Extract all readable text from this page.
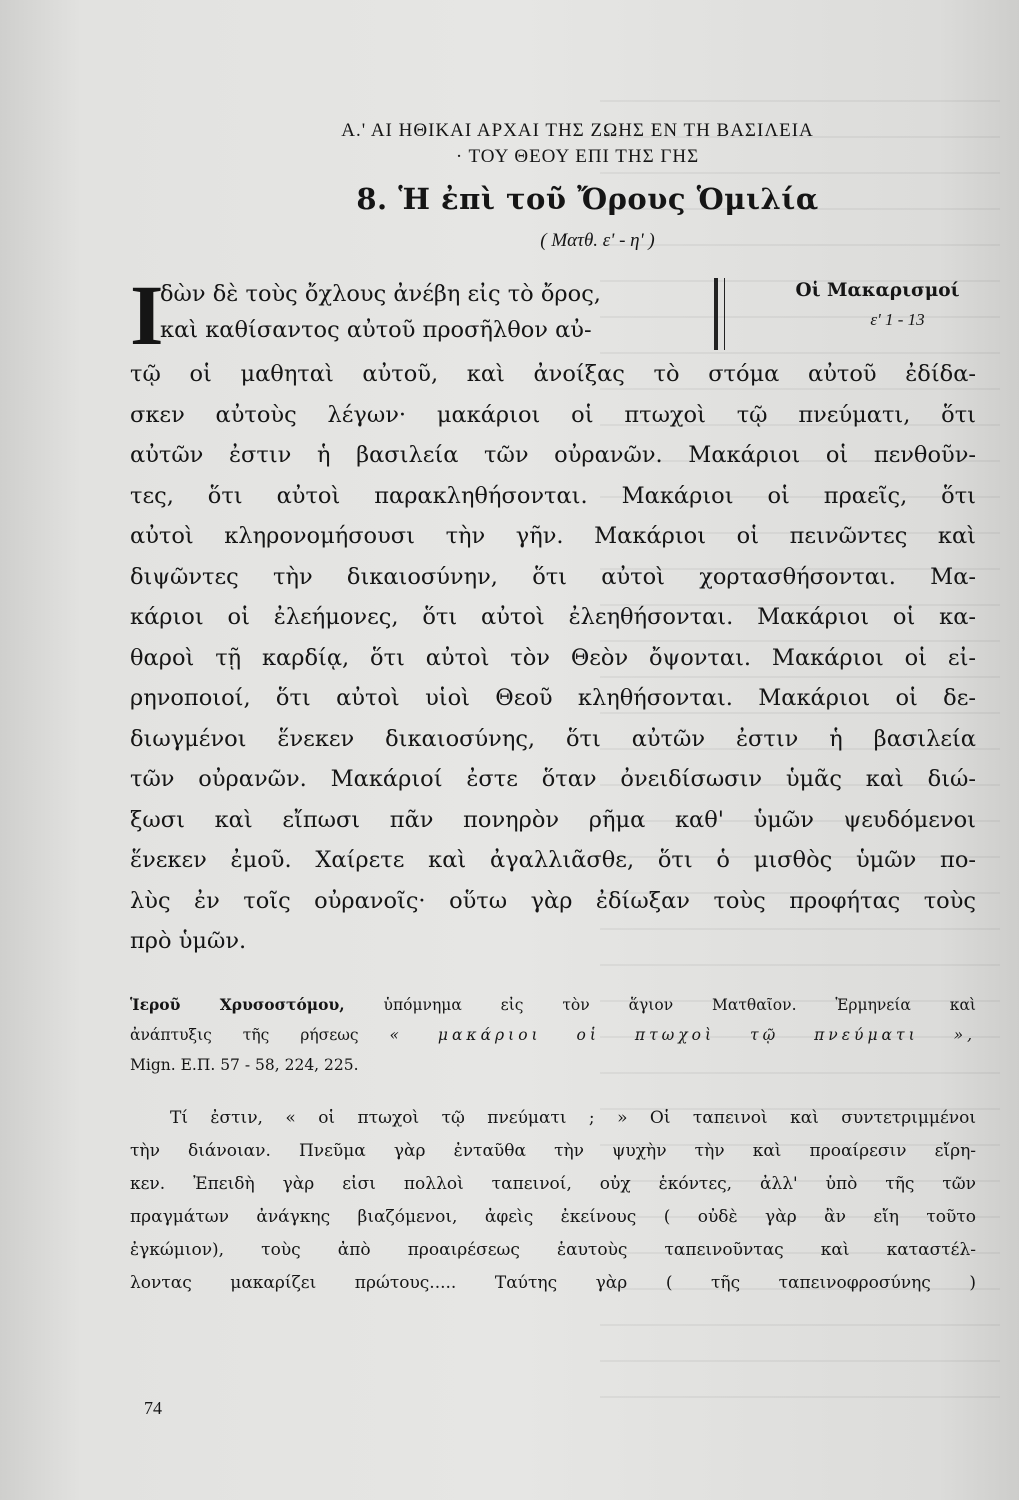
Α.' ΑΙ ΗΘΙΚΑΙ ΑΡΧΑΙ ΤΗΣ ΖΩΗΣ ΕΝ ΤΗ ΒΑΣΙΛΕΙΑ
· ΤΟΥ ΘΕΟΥ ΕΠΙ ΤΗΣ ΓΗΣ
8. Ἡ ἐπὶ τοῦ Ὄρους Ὁμιλία
( Ματθ. ε' - η' )
Ι
δὼν δὲ τοὺς ὄχλους ἀνέβη εἰς τὸ ὄρος,
καὶ καθίσαντος αὐτοῦ προσῆλθον αὐ-
Οἱ Μακαρισμοί
ε' 1 - 13
τῷ οἱ μαθηταὶ αὐτοῦ, καὶ ἀνοίξας τὸ στόμα αὐτοῦ ἐδίδα-
σκεν αὐτοὺς λέγων· μακάριοι οἱ πτωχοὶ τῷ πνεύματι, ὅτι
αὐτῶν ἐστιν ἡ βασιλεία τῶν οὐρανῶν. Μακάριοι οἱ πενθοῦν-
τες, ὅτι αὐτοὶ παρακληθήσονται. Μακάριοι οἱ πραεῖς, ὅτι
αὐτοὶ κληρονομήσουσι τὴν γῆν. Μακάριοι οἱ πεινῶντες καὶ
διψῶντες τὴν δικαιοσύνην, ὅτι αὐτοὶ χορτασθήσονται. Μα-
κάριοι οἱ ἐλεήμονες, ὅτι αὐτοὶ ἐλεηθήσονται. Μακάριοι οἱ κα-
θαροὶ τῇ καρδίᾳ, ὅτι αὐτοὶ τὸν Θεὸν ὄψονται. Μακάριοι οἱ εἰ-
ρηνοποιοί, ὅτι αὐτοὶ υἱοὶ Θεοῦ κληθήσονται. Μακάριοι οἱ δε-
διωγμένοι ἕνεκεν δικαιοσύνης, ὅτι αὐτῶν ἐστιν ἡ βασιλεία
τῶν οὐρανῶν. Μακάριοί ἐστε ὅταν ὀνειδίσωσιν ὑμᾶς καὶ διώ-
ξωσι καὶ εἴπωσι πᾶν πονηρὸν ρῆμα καθ' ὑμῶν ψευδόμενοι
ἕνεκεν ἐμοῦ. Χαίρετε καὶ ἀγαλλιᾶσθε, ὅτι ὁ μισθὸς ὑμῶν πο-
λὺς ἐν τοῖς οὐρανοῖς· οὕτω γὰρ ἐδίωξαν τοὺς προφήτας τοὺς
πρὸ ὑμῶν.
Ἱεροῦ Χρυσοστόμου,	ὑπόμνημα εἰς τὸν ἅγιον Ματθαῖον. Ἑρμηνεία καὶ
ἀνάπτυξις τῆς ρήσεως « μακάριοι οἱ πτωχοὶ τῷ πνεύματι »,
Mign. Ε.Π. 57 - 58, 224, 225.
Τί ἐστιν, « οἱ πτωχοὶ τῷ πνεύματι ; » Οἱ ταπεινοὶ καὶ συντετριμμένοι
τὴν διάνοιαν. Πνεῦμα γὰρ ἐνταῦθα τὴν ψυχὴν τὴν καὶ προαίρεσιν εἴρη-
κεν. Ἐπειδὴ γὰρ εἰσι πολλοὶ ταπεινοί, οὐχ ἑκόντες, ἀλλ' ὑπὸ τῆς τῶν
πραγμάτων ἀνάγκης βιαζόμενοι, ἀφεὶς ἐκείνους ( οὐδὲ γὰρ ἂν εἴη τοῦτο
ἐγκώμιον), τοὺς ἀπὸ προαιρέσεως ἑαυτοὺς ταπεινοῦντας καὶ καταστέλ-
λοντας μακαρίζει πρώτους..... Ταύτης γὰρ ( τῆς ταπεινοφροσύνης )
74
